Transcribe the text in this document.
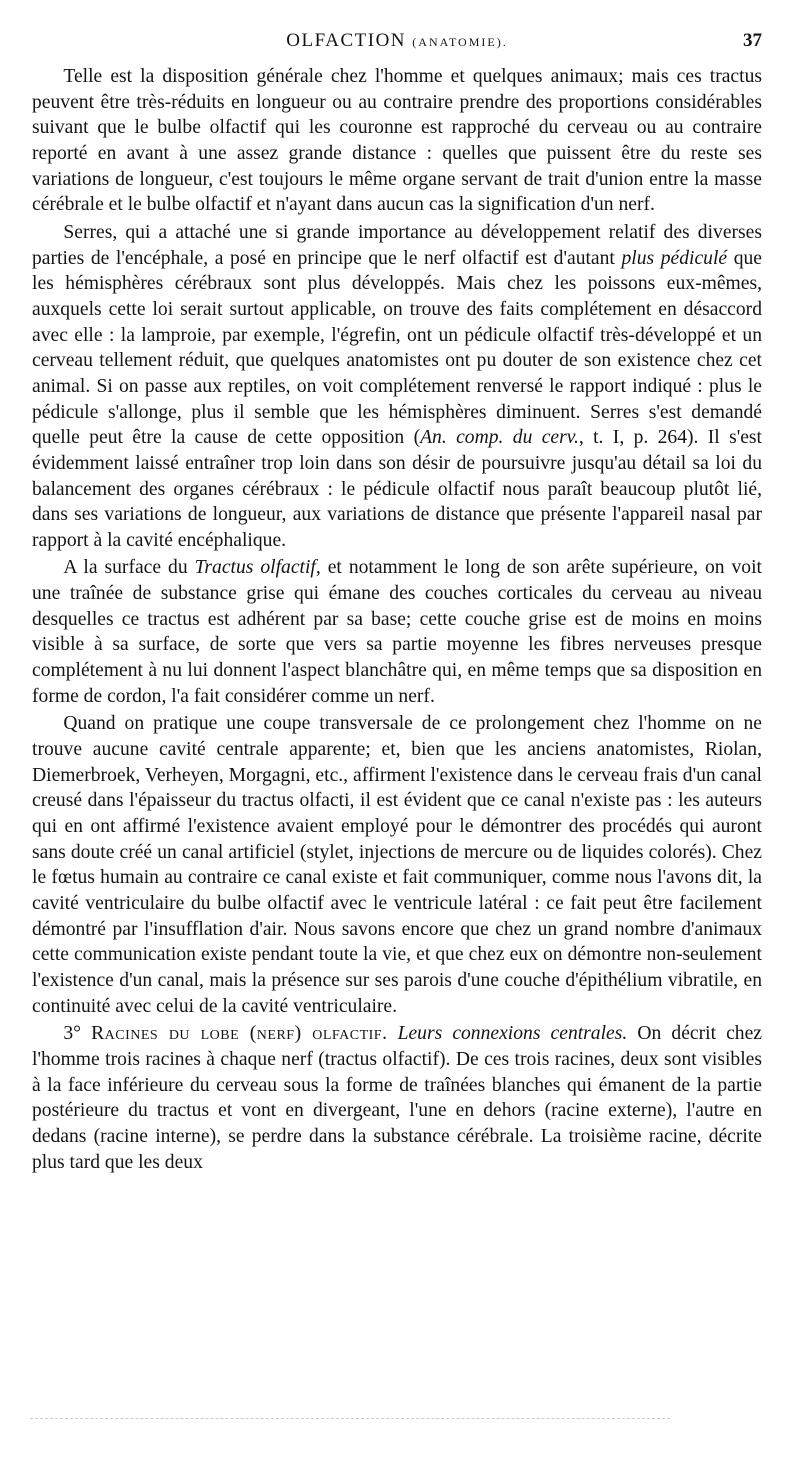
OLFACTION (ANATOMIE).	37

Telle est la disposition générale chez l'homme et quelques animaux; mais ces tractus peuvent être très-réduits en longueur ou au contraire prendre des proportions considérables suivant que le bulbe olfactif qui les couronne est rapproché du cerveau ou au contraire reporté en avant à une assez grande distance : quelles que puissent être du reste ses variations de longueur, c'est toujours le même organe servant de trait d'union entre la masse cérébrale et le bulbe olfactif et n'ayant dans aucun cas la signification d'un nerf.

Serres, qui a attaché une si grande importance au développement relatif des diverses parties de l'encéphale, a posé en principe que le nerf olfactif est d'autant plus pédiculé que les hémisphères cérébraux sont plus développés. Mais chez les poissons eux-mêmes, auxquels cette loi serait surtout applicable, on trouve des faits complétement en désaccord avec elle : la lamproie, par exemple, l'égrefin, ont un pédicule olfactif très-développé et un cerveau tellement réduit, que quelques anatomistes ont pu douter de son existence chez cet animal. Si on passe aux reptiles, on voit complétement renversé le rapport indiqué : plus le pédicule s'allonge, plus il semble que les hémisphères diminuent. Serres s'est demandé quelle peut être la cause de cette opposition (An. comp. du cerv., t. I, p. 264). Il s'est évidemment laissé entraîner trop loin dans son désir de poursuivre jusqu'au détail sa loi du balancement des organes cérébraux : le pédicule olfactif nous paraît beaucoup plutôt lié, dans ses variations de longueur, aux variations de distance que présente l'appareil nasal par rapport à la cavité encéphalique.

A la surface du Tractus olfactif, et notamment le long de son arête supérieure, on voit une traînée de substance grise qui émane des couches corticales du cerveau au niveau desquelles ce tractus est adhérent par sa base; cette couche grise est de moins en moins visible à sa surface, de sorte que vers sa partie moyenne les fibres nerveuses presque complétement à nu lui donnent l'aspect blanchâtre qui, en même temps que sa disposition en forme de cordon, l'a fait considérer comme un nerf.

Quand on pratique une coupe transversale de ce prolongement chez l'homme on ne trouve aucune cavité centrale apparente; et, bien que les anciens anatomistes, Riolan, Diemerbroek, Verheyen, Morgagni, etc., affirment l'existence dans le cerveau frais d'un canal creusé dans l'épaisseur du tractus olfacti, il est évident que ce canal n'existe pas : les auteurs qui en ont affirmé l'existence avaient employé pour le démontrer des procédés qui auront sans doute créé un canal artificiel (stylet, injections de mercure ou de liquides colorés). Chez le fœtus humain au contraire ce canal existe et fait communiquer, comme nous l'avons dit, la cavité ventriculaire du bulbe olfactif avec le ventricule latéral : ce fait peut être facilement démontré par l'insufflation d'air. Nous savons encore que chez un grand nombre d'animaux cette communication existe pendant toute la vie, et que chez eux on démontre non-seulement l'existence d'un canal, mais la présence sur ses parois d'une couche d'épithélium vibratile, en continuité avec celui de la cavité ventriculaire.

3° Racines du lobe (nerf) olfactif. Leurs connexions centrales. On décrit chez l'homme trois racines à chaque nerf (tractus olfactif). De ces trois racines, deux sont visibles à la face inférieure du cerveau sous la forme de traînées blanches qui émanent de la partie postérieure du tractus et vont en divergeant, l'une en dehors (racine externe), l'autre en dedans (racine interne), se perdre dans la substance cérébrale. La troisième racine, décrite plus tard que les deux
